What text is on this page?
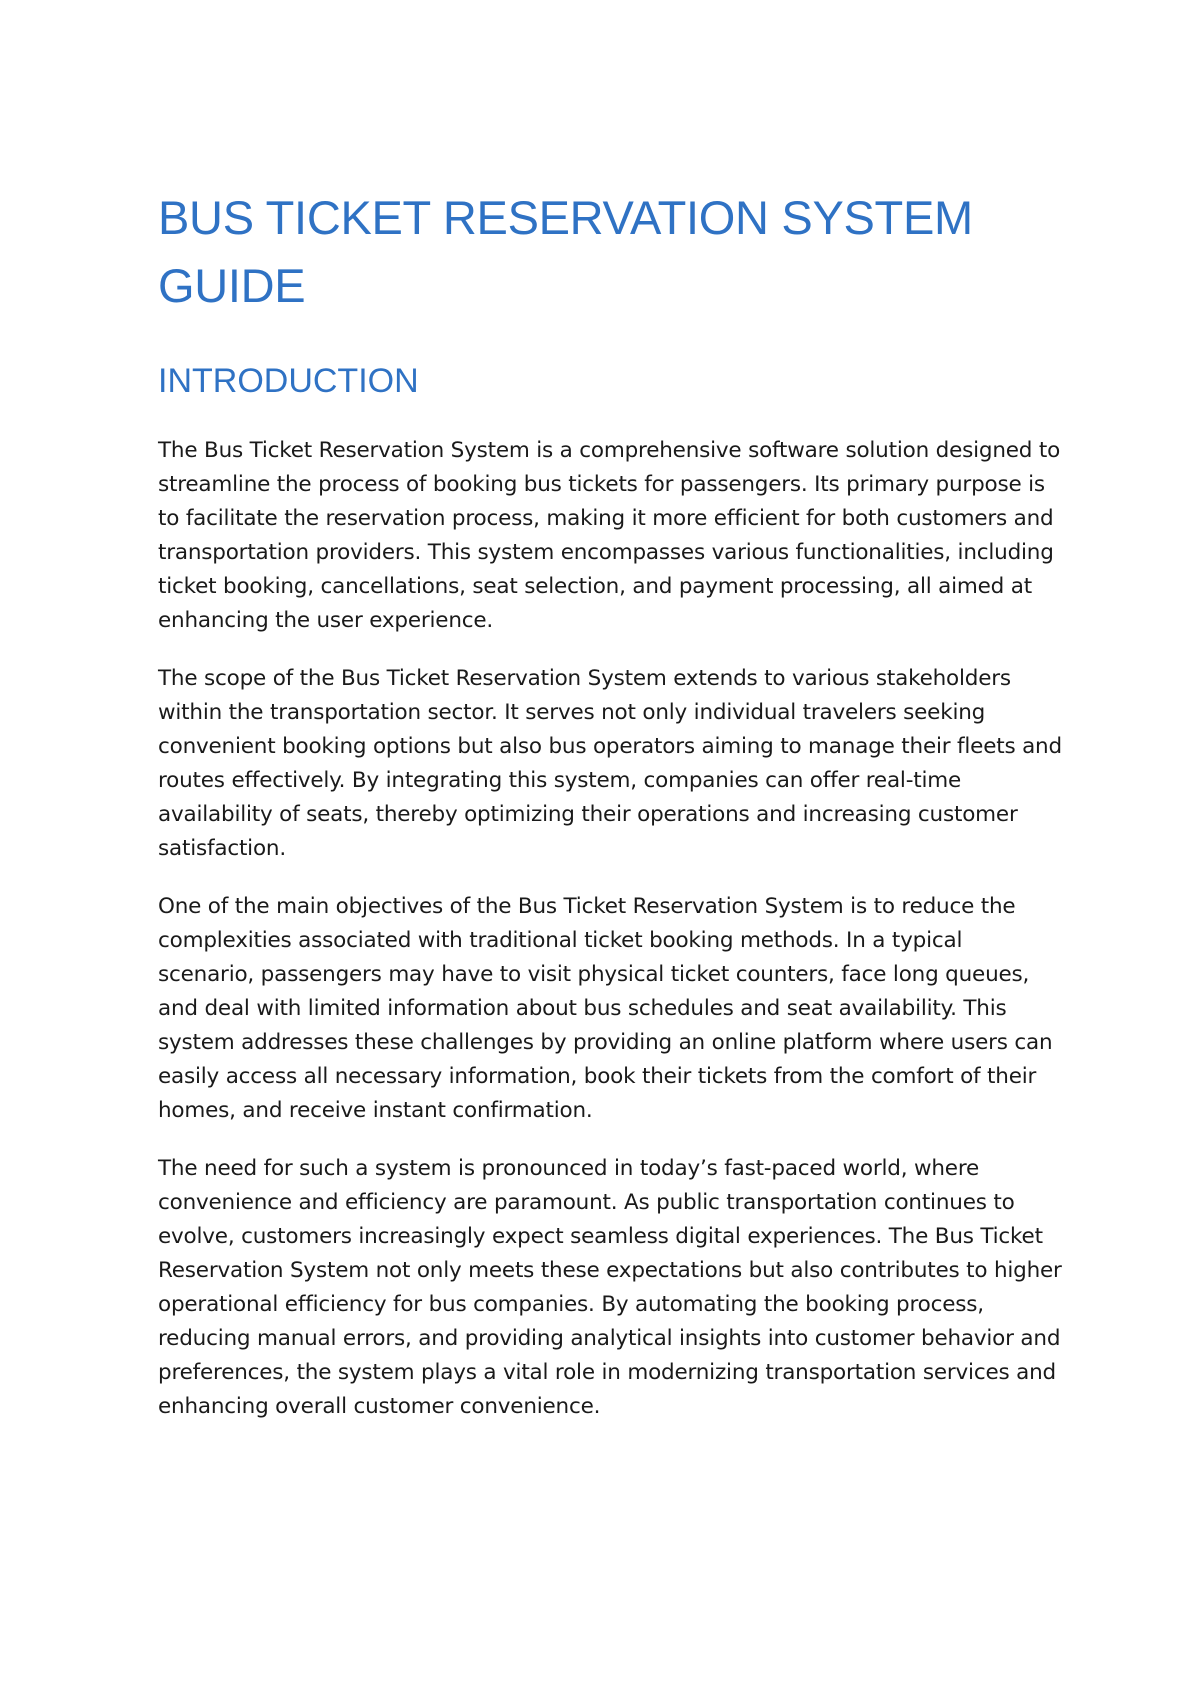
BUS TICKET RESERVATION SYSTEM GUIDE
INTRODUCTION

The Bus Ticket Reservation System is a comprehensive software solution designed to streamline the process of booking bus tickets for passengers. Its primary purpose is to facilitate the reservation process, making it more efficient for both customers and transportation providers. This system encompasses various functionalities, including ticket booking, cancellations, seat selection, and payment processing, all aimed at enhancing the user experience.

The scope of the Bus Ticket Reservation System extends to various stakeholders within the transportation sector. It serves not only individual travelers seeking convenient booking options but also bus operators aiming to manage their fleets and routes effectively. By integrating this system, companies can offer real-time availability of seats, thereby optimizing their operations and increasing customer satisfaction.

One of the main objectives of the Bus Ticket Reservation System is to reduce the complexities associated with traditional ticket booking methods. In a typical scenario, passengers may have to visit physical ticket counters, face long queues, and deal with limited information about bus schedules and seat availability. This system addresses these challenges by providing an online platform where users can easily access all necessary information, book their tickets from the comfort of their homes, and receive instant confirmation.

The need for such a system is pronounced in today’s fast-paced world, where convenience and efficiency are paramount. As public transportation continues to evolve, customers increasingly expect seamless digital experiences. The Bus Ticket Reservation System not only meets these expectations but also contributes to higher operational efficiency for bus companies. By automating the booking process, reducing manual errors, and providing analytical insights into customer behavior and preferences, the system plays a vital role in modernizing transportation services and enhancing overall customer convenience.
